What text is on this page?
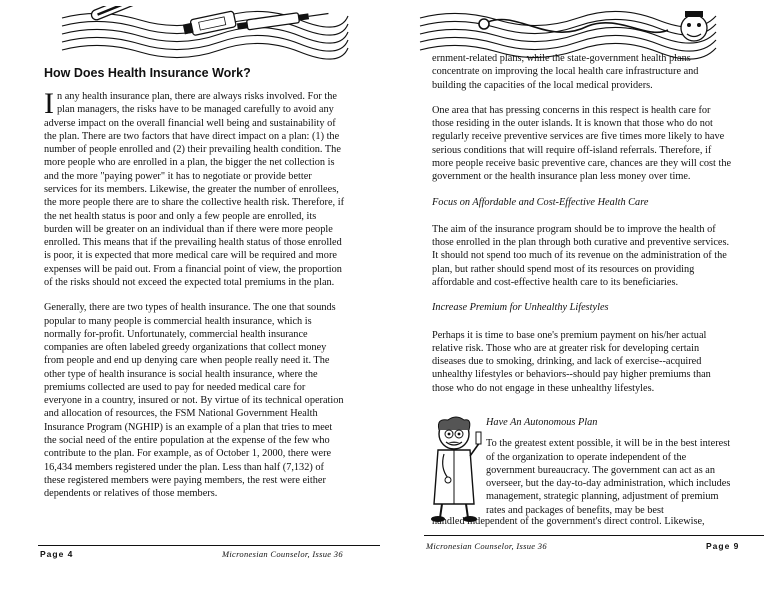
How Does Health Insurance Work?

In any health insurance plan, there are always risks involved. For the plan managers, the risks have to be managed carefully to avoid any adverse impact on the overall financial well being and sustainability of the plan. There are two factors that have direct impact on a plan: (1) the number of people enrolled and (2) their prevailing health condition. The more people who are enrolled in a plan, the bigger the net collection is and the more "paying power" it has to negotiate or provide better services for its members. Likewise, the greater the number of enrollees, the more people there are to share the collective health risk. Therefore, if the net health status is poor and only a few people are enrolled, its burden will be greater on an individual than if there were more people enrolled. This means that if the prevailing health status of those enrolled is poor, it is expected that more medical care will be required and more expenses will be paid out. From a financial point of view, the proportion of the risks should not exceed the expected total premiums in the plan.

Generally, there are two types of health insurance. The one that sounds popular to many people is commercial health insurance, which is normally for-profit. Unfortunately, commercial health insurance companies are often labeled greedy organizations that collect money from people and end up denying care when people really need it. The other type of health insurance is social health insurance, where the premiums collected are used to pay for needed medical care for everyone in a country, insured or not. By virtue of its technical operation and allocation of resources, the FSM National Government Health Insurance Program (NGHIP) is an example of a plan that tries to meet the social need of the entire population at the expense of the few who contribute to the plan. For example, as of October 1, 2000, there were 16,434 members registered under the plan. Less than half (7,132) of these registered members were paying members, the rest were either dependents or relatives of those members.

Page 4	Micronesian Counselor, Issue 36
Micronesian Counselor, Issue 36	Page 9

ernment-related plans, while the state-government health plans concentrate on improving the local health care infrastructure and building the capacities of the local medical providers.

One area that has pressing concerns in this respect is health care for those residing in the outer islands. It is known that those who do not regularly receive preventive services are five times more likely to have serious conditions that will require off-island referrals. Therefore, if more people receive basic preventive care, chances are they will cost the government or the health insurance plan less money over time.

Focus on Affordable and Cost-Effective Health Care

The aim of the insurance program should be to improve the health of those enrolled in the plan through both curative and preventive services. It should not spend too much of its revenue on the administration of the plan, but rather should spend most of its resources on providing affordable and cost-effective health care to its beneficiaries.

Increase Premium for Unhealthy Lifestyles

Perhaps it is time to base one's premium payment on his/her actual relative risk. Those who are at greater risk for developing certain diseases due to smoking, drinking, and lack of exercise--acquired unhealthy lifestyles or behaviors--should pay higher premiums than those who do not engage in these unhealthy lifestyles.

Have An Autonomous Plan

To the greatest extent possible, it will be in the best interest of the organization to operate independent of the government bureaucracy. The government can act as an overseer, but the day-to-day administration, which includes management, strategic planning, adjustment of premium rates and packages of benefits, may be best

handled independent of the government's direct control. Likewise,
